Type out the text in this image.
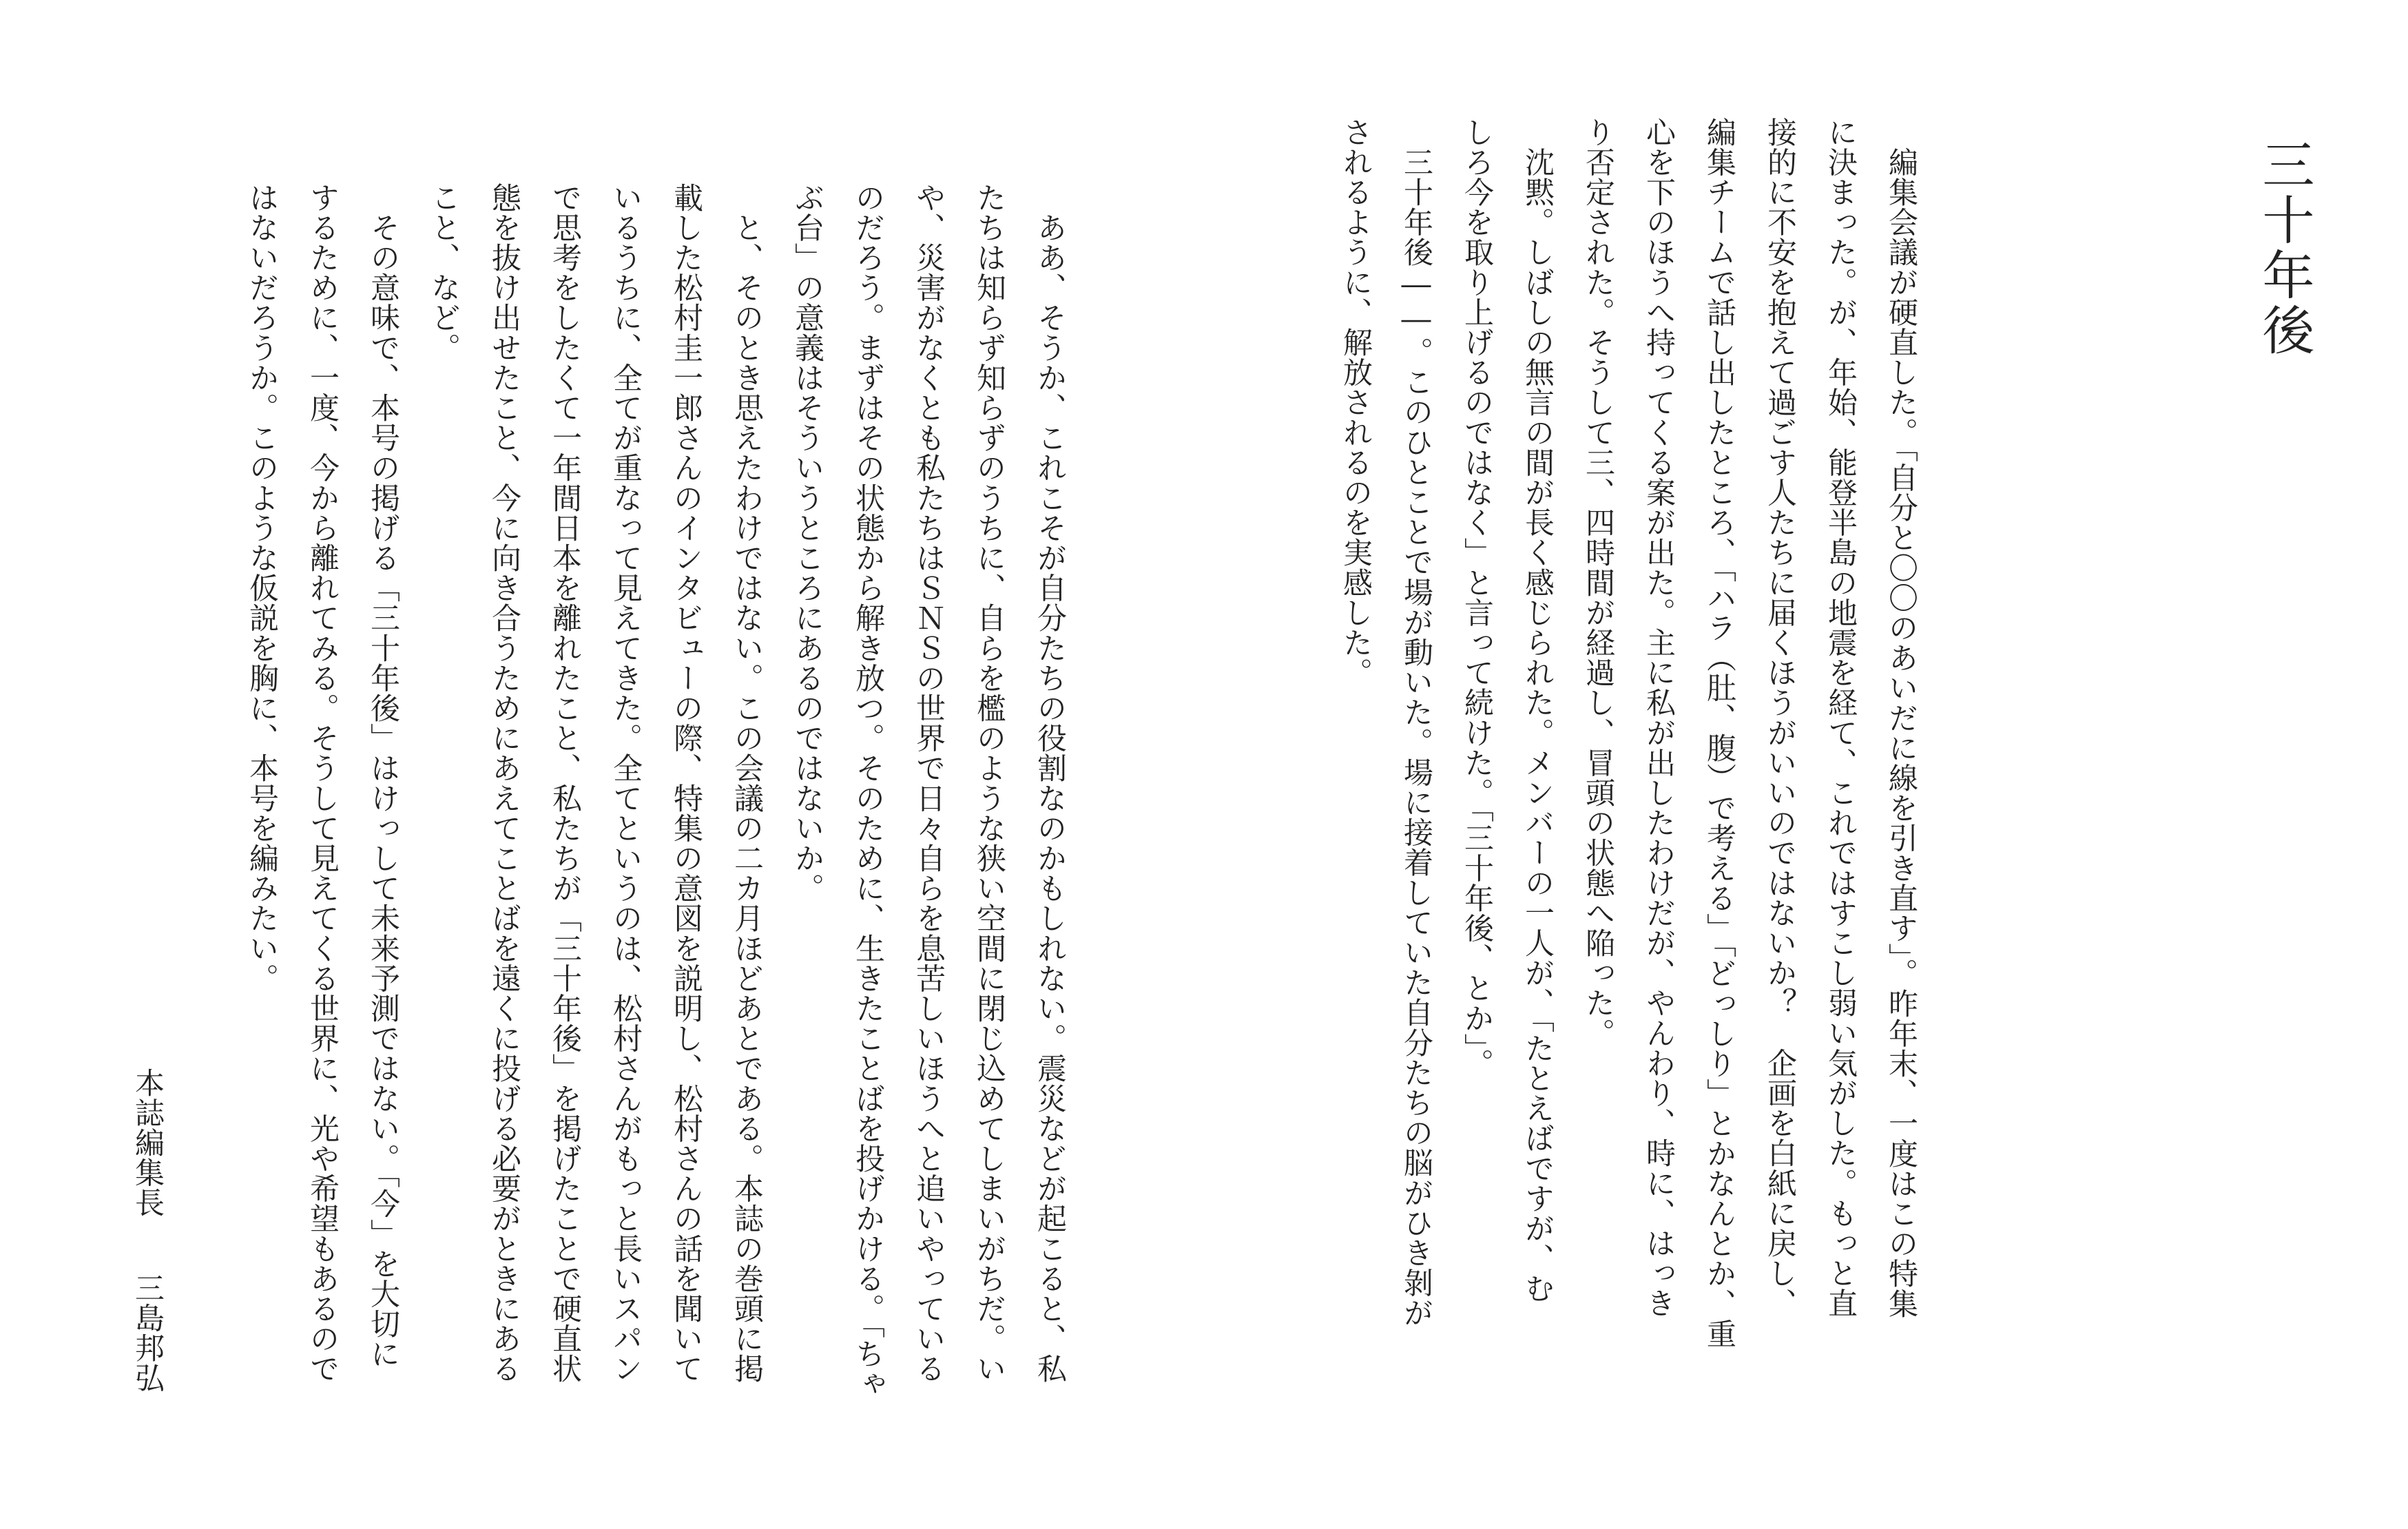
三十年後
　編集会議が硬直した。「自分と〇〇のあいだに線を引き直す」。昨年末、一度はこの特集
に決まった。が、年始、能登半島の地震を経て、これではすこし弱い気がした。もっと直
接的に不安を抱えて過ごす人たちに届くほうがいいのではないか？　企画を白紙に戻し、
編集チームで話し出したところ、「ハラ（肚、腹）で考える」「どっしり」とかなんとか、重
心を下のほうへ持ってくる案が出た。主に私が出したわけだが、やんわり、時に、はっき
り否定された。そうして三、四時間が経過し、冒頭の状態へ陥った。
　沈黙。しばしの無言の間が長く感じられた。メンバーの一人が、「たとえばですが、む
しろ今を取り上げるのではなく」と言って続けた。「三十年後、とか」。
　三十年後――。このひとことで場が動いた。場に接着していた自分たちの脳がひき剝が
されるように、解放されるのを実感した。
　ああ、そうか、これこそが自分たちの役割なのかもしれない。震災などが起こると、私
たちは知らず知らずのうちに、自らを檻のような狭い空間に閉じ込めてしまいがちだ。い
や、災害がなくとも私たちはＳＮＳの世界で日々自らを息苦しいほうへと追いやっている
のだろう。まずはその状態から解き放つ。そのために、生きたことばを投げかける。「ちゃ
ぶ台」の意義はそういうところにあるのではないか。
　と、そのとき思えたわけではない。この会議の二カ月ほどあとである。本誌の巻頭に掲
載した松村圭一郎さんのインタビューの際、特集の意図を説明し、松村さんの話を聞いて
いるうちに、全てが重なって見えてきた。全てというのは、松村さんがもっと長いスパン
で思考をしたくて一年間日本を離れたこと、私たちが「三十年後」を掲げたことで硬直状
態を抜け出せたこと、今に向き合うためにあえてことばを遠くに投げる必要がときにある
こと、など。
　その意味で、本号の掲げる「三十年後」はけっして未来予測ではない。「今」を大切に
するために、一度、今から離れてみる。そうして見えてくる世界に、光や希望もあるので
はないだろうか。このような仮説を胸に、本号を編みたい。
本誌編集長三島邦弘
